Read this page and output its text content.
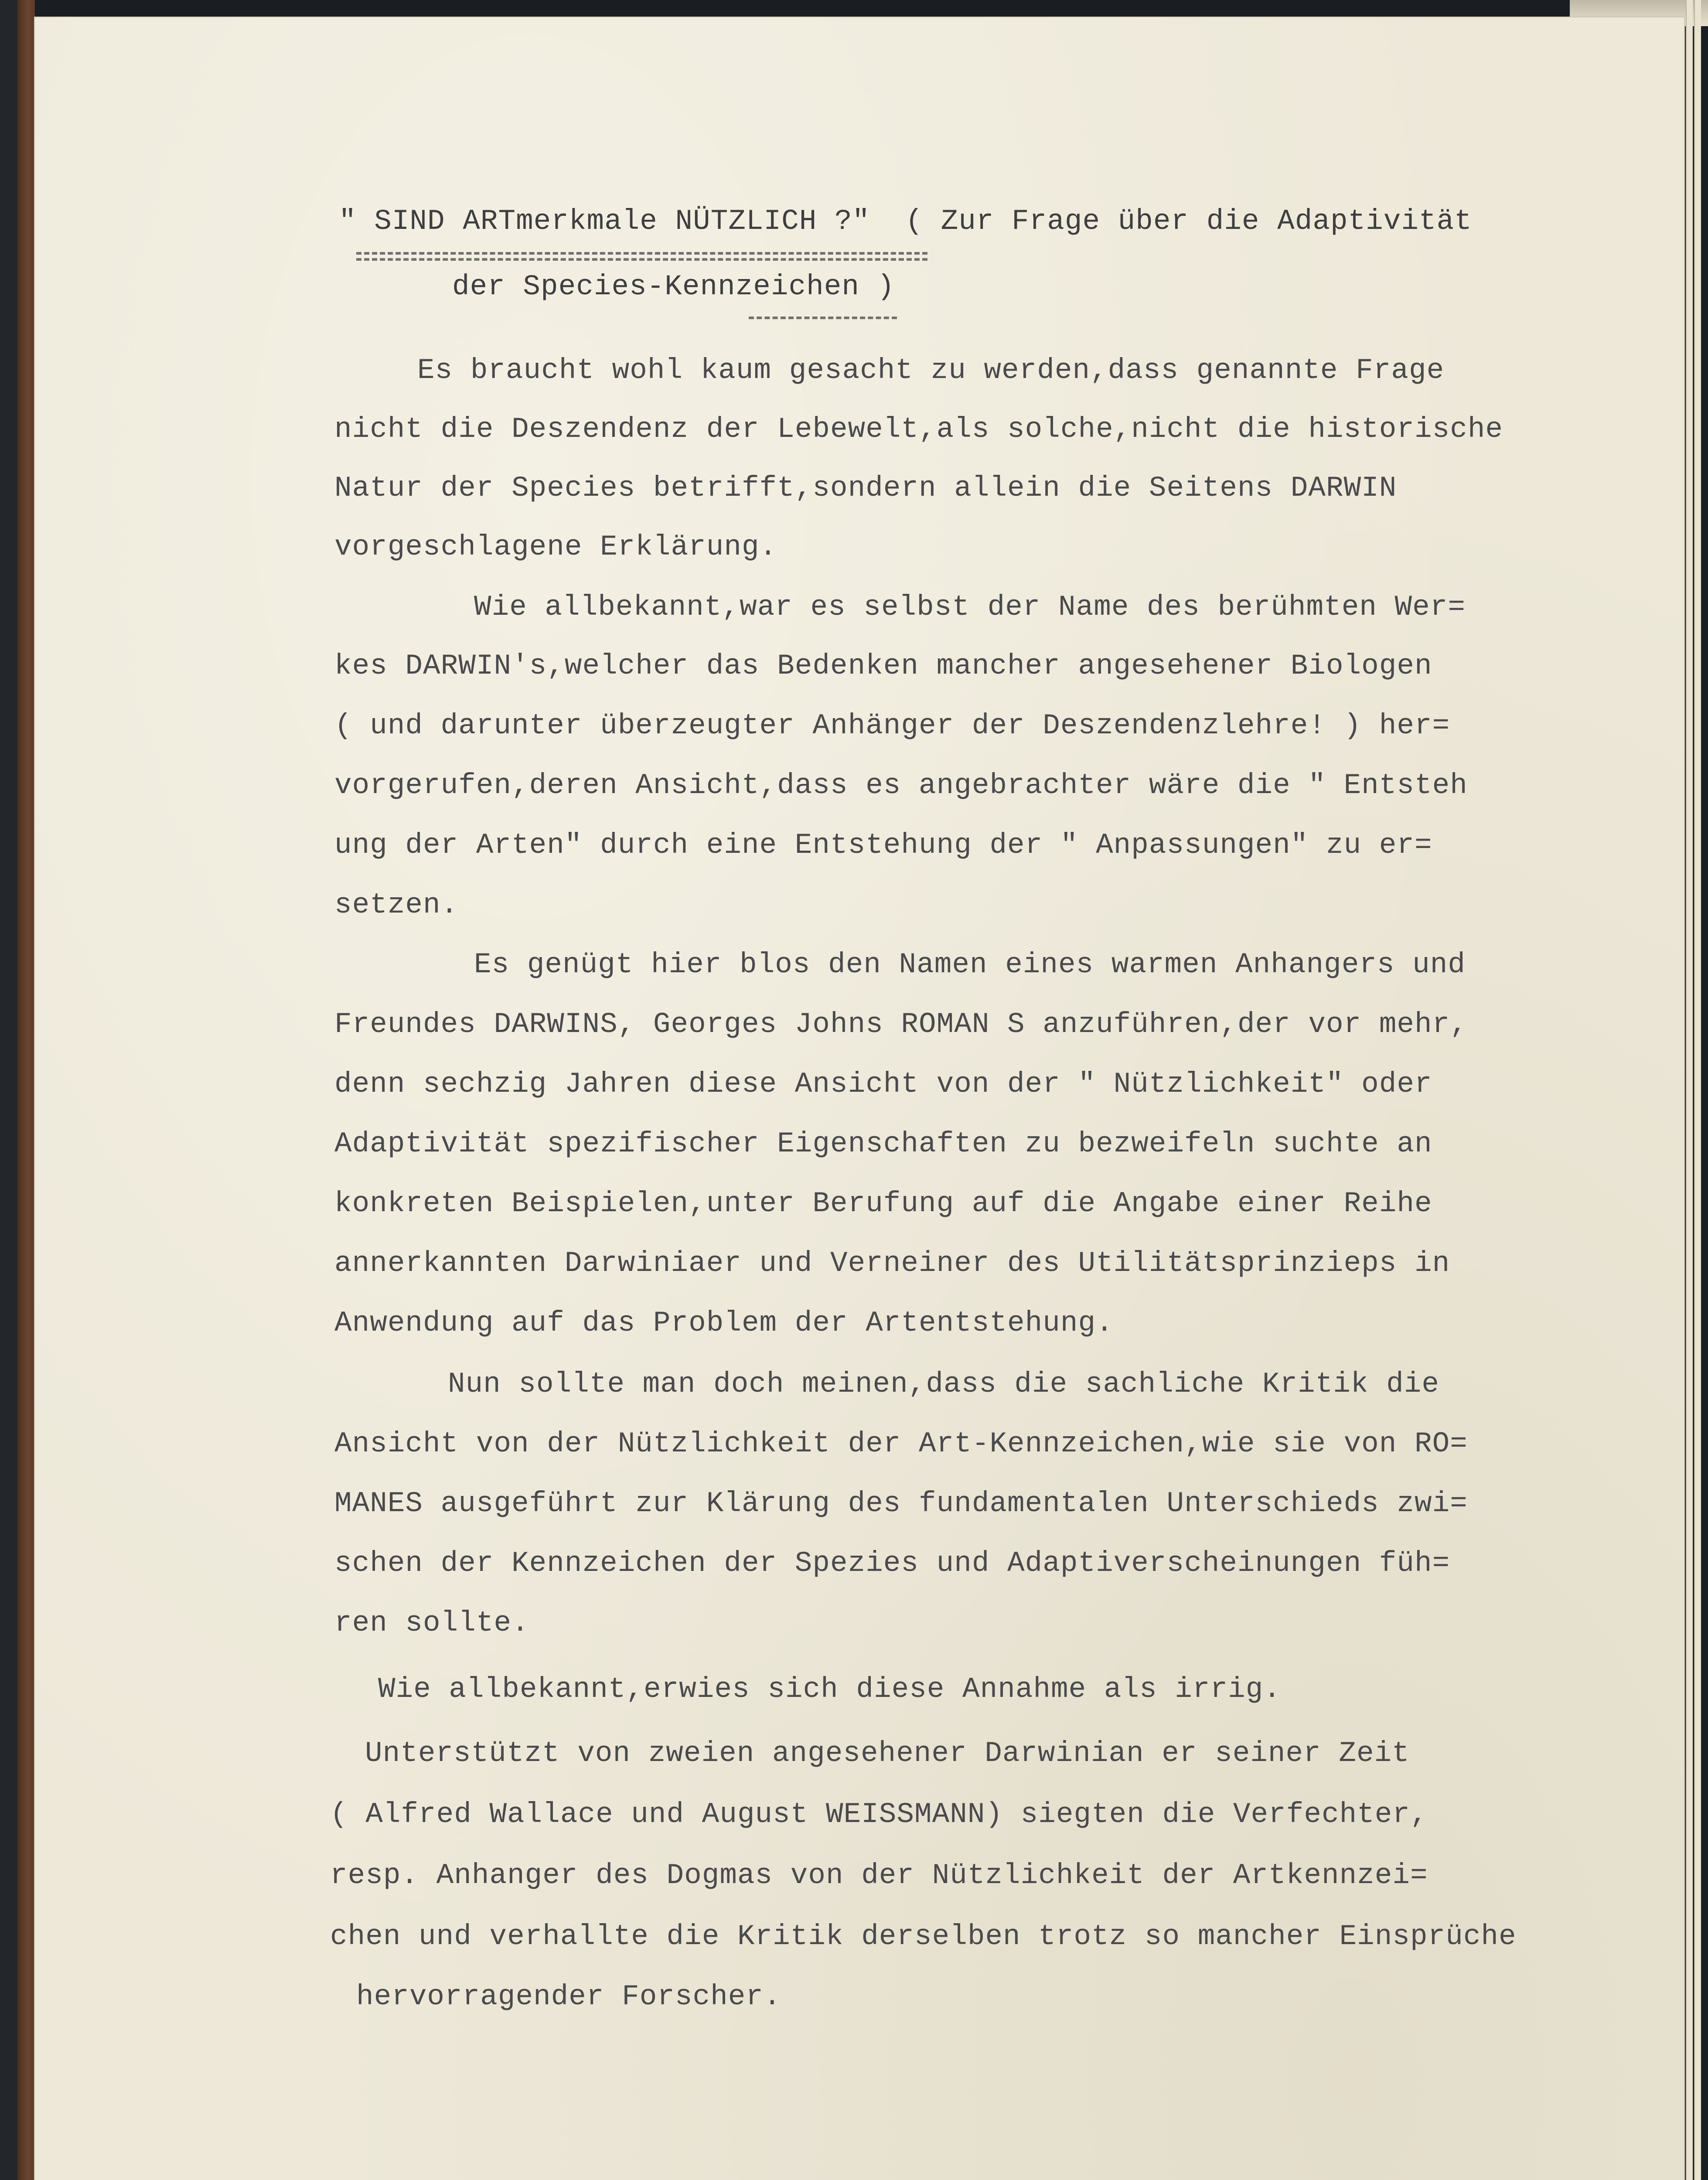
" SIND ARTmerkmale NÜTZLICH ?"  ( Zur Frage über die Adaptivität

der Species-Kennzeichen )

Es braucht wohl kaum gesacht zu werden,dass genannte Frage

nicht die Deszendenz der Lebewelt,als solche,nicht die historische

Natur der Species betrifft,sondern allein die Seitens DARWIN

vorgeschlagene Erklärung.

Wie allbekannt,war es selbst der Name des berühmten Wer=

kes DARWIN's,welcher das Bedenken mancher angesehener Biologen

( und darunter überzeugter Anhänger der Deszendenzlehre! ) her=

vorgerufen,deren Ansicht,dass es angebrachter wäre die " Entsteh

ung der Arten" durch eine Entstehung der " Anpassungen" zu er=

setzen.

Es genügt hier blos den Namen eines warmen Anhangers und

Freundes DARWINS, Georges Johns ROMAN S anzuführen,der vor mehr,

denn sechzig Jahren diese Ansicht von der " Nützlichkeit" oder

Adaptivität spezifischer Eigenschaften zu bezweifeln suchte an

konkreten Beispielen,unter Berufung auf die Angabe einer Reihe

annerkannten Darwiniaer und Verneiner des Utilitätsprinzieps in

Anwendung auf das Problem der Artentstehung.

Nun sollte man doch meinen,dass die sachliche Kritik die

Ansicht von der Nützlichkeit der Art-Kennzeichen,wie sie von RO=

MANES ausgeführt zur Klärung des fundamentalen Unterschieds zwi=

schen der Kennzeichen der Spezies und Adaptiverscheinungen füh=

ren sollte.

Wie allbekannt,erwies sich diese Annahme als irrig.

Unterstützt von zweien angesehener Darwinian er seiner Zeit

( Alfred Wallace und August WEISSMANN) siegten die Verfechter,

resp. Anhanger des Dogmas von der Nützlichkeit der Artkennzei=

chen und verhallte die Kritik derselben trotz so mancher Einsprüche

hervorragender Forscher.
